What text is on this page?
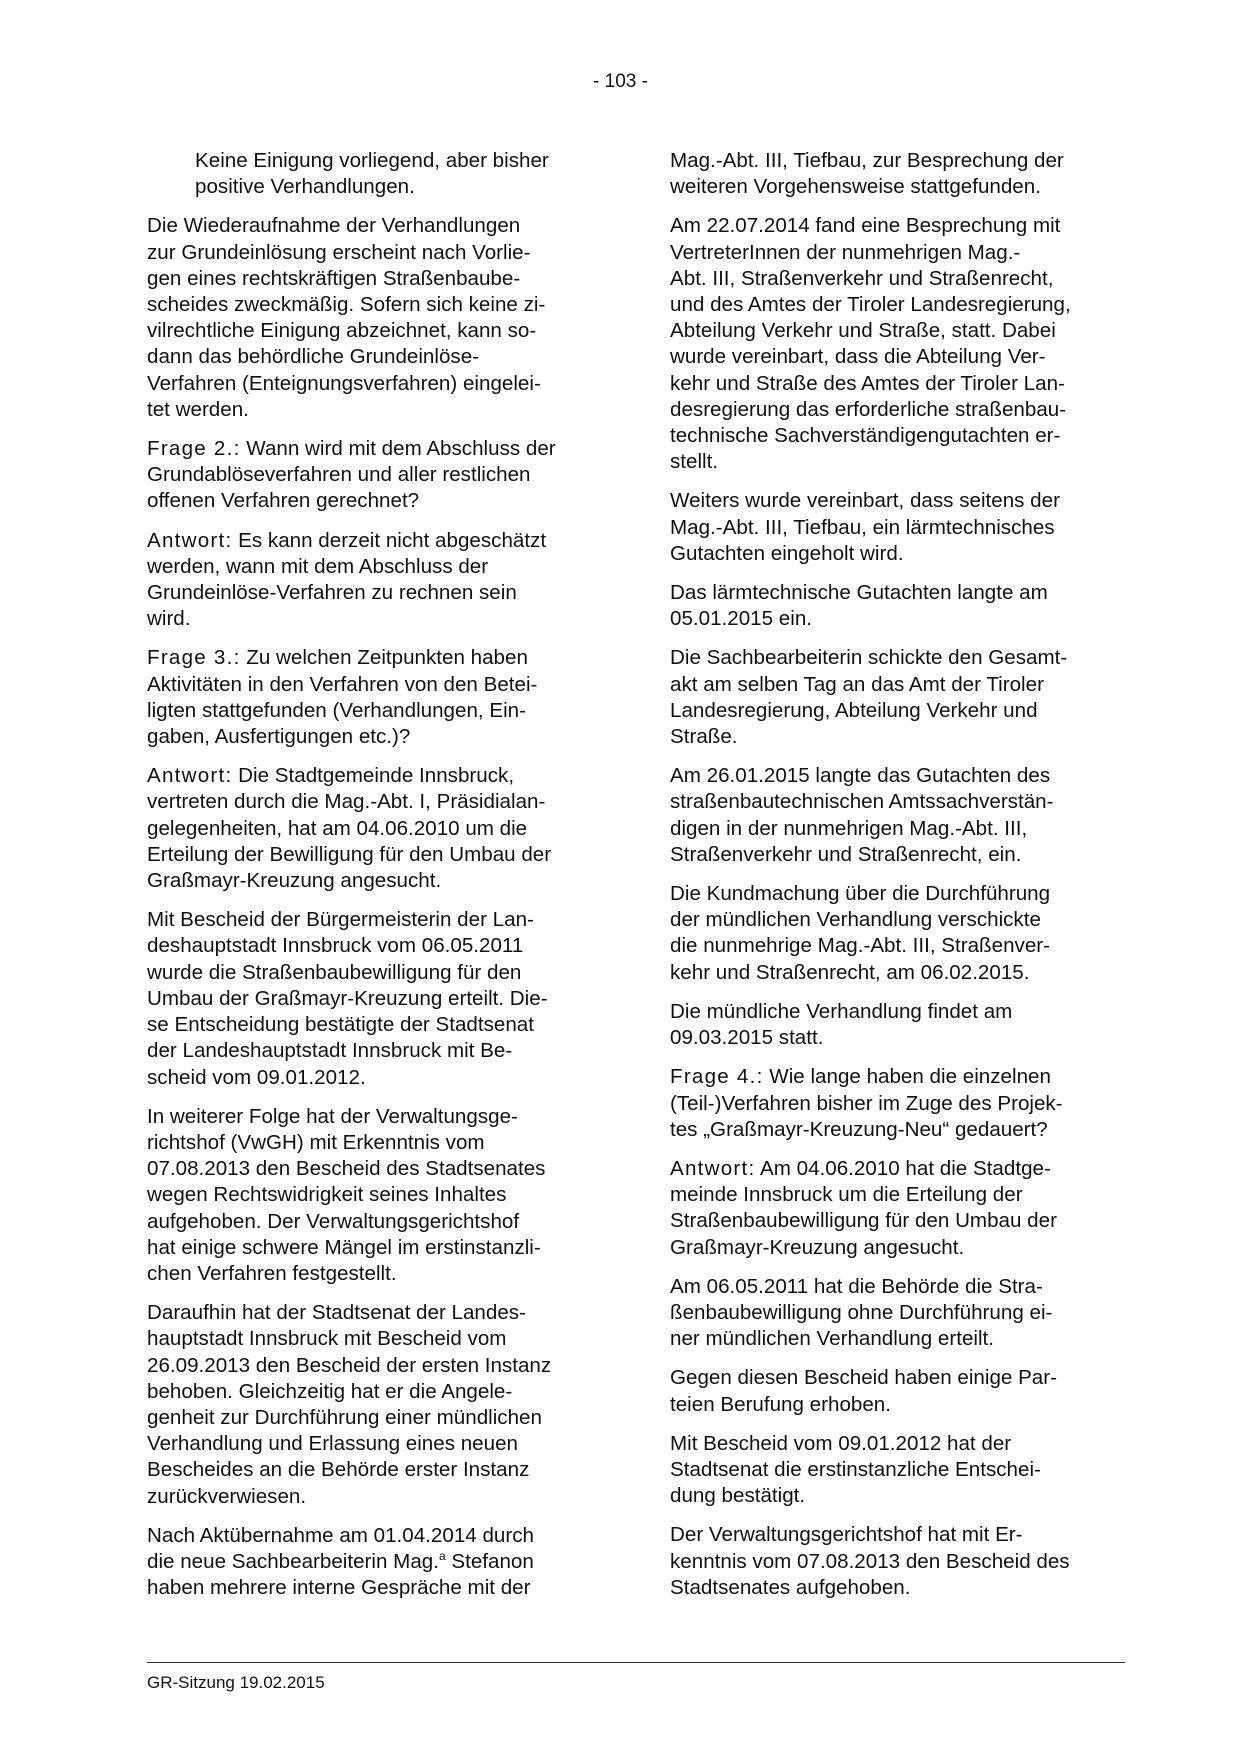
- 103 -

Keine Einigung vorliegend, aber bisher
positive Verhandlungen.

Die Wiederaufnahme der Verhandlungen
zur Grundeinlösung erscheint nach Vorlie-
gen eines rechtskräftigen Straßenbaube-
scheides zweckmäßig. Sofern sich keine zi-
vilrechtliche Einigung abzeichnet, kann so-
dann das behördliche Grundeinlöse-
Verfahren (Enteignungsverfahren) eingelei-
tet werden.

Frage 2.: Wann wird mit dem Abschluss der
Grundablöseverfahren und aller restlichen
offenen Verfahren gerechnet?

Antwort: Es kann derzeit nicht abgeschätzt
werden, wann mit dem Abschluss der
Grundeinlöse-Verfahren zu rechnen sein
wird.

Frage 3.: Zu welchen Zeitpunkten haben
Aktivitäten in den Verfahren von den Betei-
ligten stattgefunden (Verhandlungen, Ein-
gaben, Ausfertigungen etc.)?

Antwort: Die Stadtgemeinde Innsbruck,
vertreten durch die Mag.-Abt. I, Präsidialan-
gelegenheiten, hat am 04.06.2010 um die
Erteilung der Bewilligung für den Umbau der
Graßmayr-Kreuzung angesucht.

Mit Bescheid der Bürgermeisterin der Lan-
deshauptstadt Innsbruck vom 06.05.2011
wurde die Straßenbaubewilligung für den
Umbau der Graßmayr-Kreuzung erteilt. Die-
se Entscheidung bestätigte der Stadtsenat
der Landeshauptstadt Innsbruck mit Be-
scheid vom 09.01.2012.

In weiterer Folge hat der Verwaltungsge-
richtshof (VwGH) mit Erkenntnis vom
07.08.2013 den Bescheid des Stadtsenates
wegen Rechtswidrigkeit seines Inhaltes
aufgehoben. Der Verwaltungsgerichtshof
hat einige schwere Mängel im erstinstanzli-
chen Verfahren festgestellt.

Daraufhin hat der Stadtsenat der Landes-
hauptstadt Innsbruck mit Bescheid vom
26.09.2013 den Bescheid der ersten Instanz
behoben. Gleichzeitig hat er die Angele-
genheit zur Durchführung einer mündlichen
Verhandlung und Erlassung eines neuen
Bescheides an die Behörde erster Instanz
zurückverwiesen.

Nach Aktübernahme am 01.04.2014 durch
die neue Sachbearbeiterin Mag.$^a$ Stefanon
haben mehrere interne Gespräche mit der

Mag.-Abt. III, Tiefbau, zur Besprechung der
weiteren Vorgehensweise stattgefunden.

Am 22.07.2014 fand eine Besprechung mit
VertreterInnen der nunmehrigen Mag.-
Abt. III, Straßenverkehr und Straßenrecht,
und des Amtes der Tiroler Landesregierung,
Abteilung Verkehr und Straße, statt. Dabei
wurde vereinbart, dass die Abteilung Ver-
kehr und Straße des Amtes der Tiroler Lan-
desregierung das erforderliche straßenbau-
technische Sachverständigengutachten er-
stellt.

Weiters wurde vereinbart, dass seitens der
Mag.-Abt. III, Tiefbau, ein lärmtechnisches
Gutachten eingeholt wird.

Das lärmtechnische Gutachten langte am
05.01.2015 ein.

Die Sachbearbeiterin schickte den Gesamt-
akt am selben Tag an das Amt der Tiroler
Landesregierung, Abteilung Verkehr und
Straße.

Am 26.01.2015 langte das Gutachten des
straßenbautechnischen Amtssachverstän-
digen in der nunmehrigen Mag.-Abt. III,
Straßenverkehr und Straßenrecht, ein.

Die Kundmachung über die Durchführung
der mündlichen Verhandlung verschickte
die nunmehrige Mag.-Abt. III, Straßenver-
kehr und Straßenrecht, am 06.02.2015.

Die mündliche Verhandlung findet am
09.03.2015 statt.

Frage 4.: Wie lange haben die einzelnen
(Teil-)Verfahren bisher im Zuge des Projek-
tes „Graßmayr-Kreuzung-Neu“ gedauert?

Antwort: Am 04.06.2010 hat die Stadtge-
meinde Innsbruck um die Erteilung der
Straßenbaubewilligung für den Umbau der
Graßmayr-Kreuzung angesucht.

Am 06.05.2011 hat die Behörde die Stra-
ßenbaubewilligung ohne Durchführung ei-
ner mündlichen Verhandlung erteilt.

Gegen diesen Bescheid haben einige Par-
teien Berufung erhoben.

Mit Bescheid vom 09.01.2012 hat der
Stadtsenat die erstinstanzliche Entschei-
dung bestätigt.

Der Verwaltungsgerichtshof hat mit Er-
kenntnis vom 07.08.2013 den Bescheid des
Stadtsenates aufgehoben.

GR-Sitzung 19.02.2015
